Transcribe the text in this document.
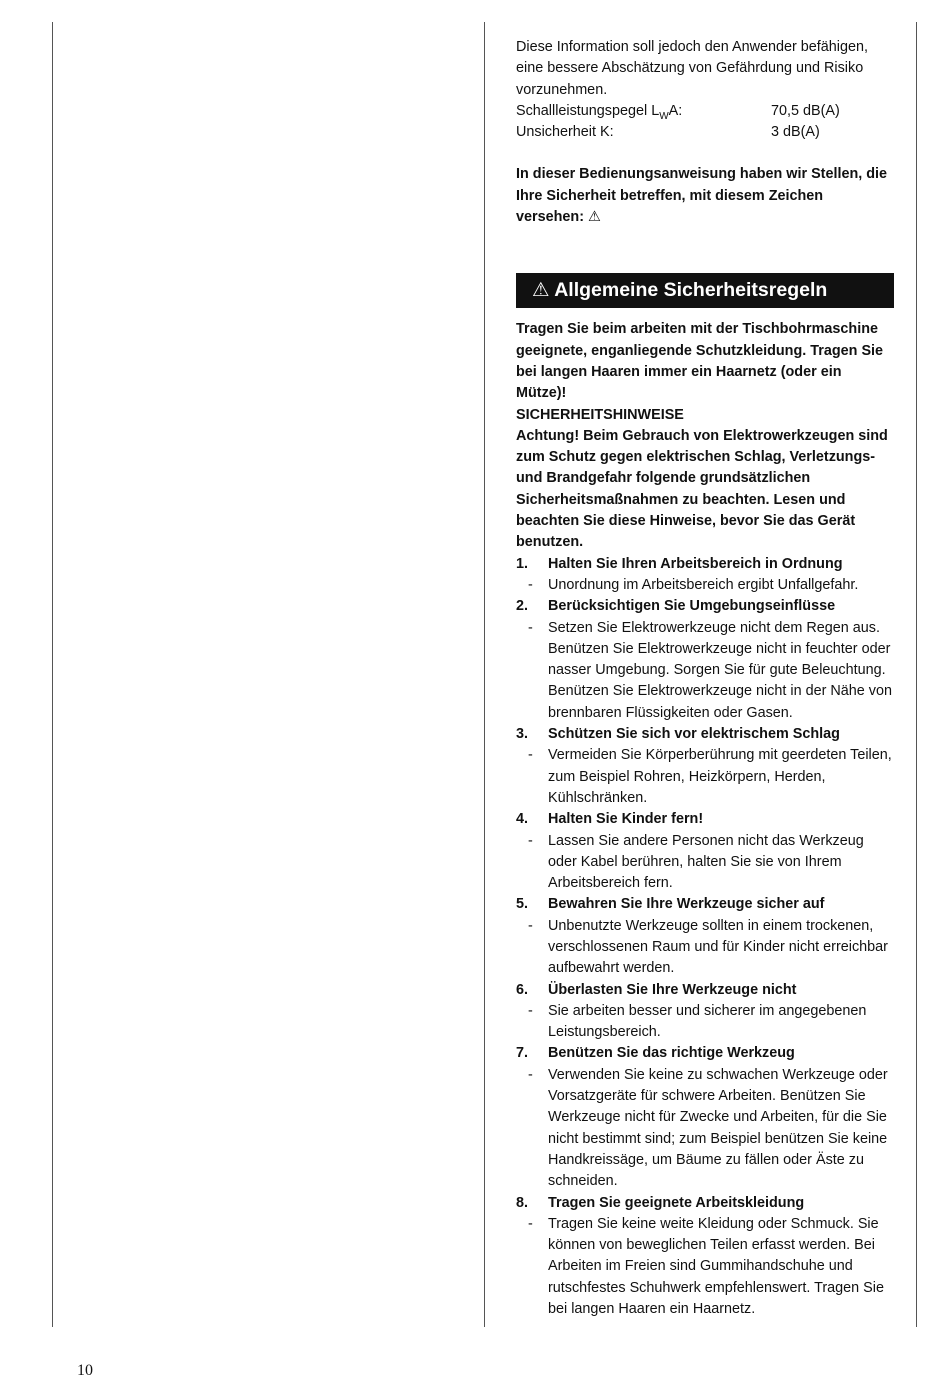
Diese Information soll jedoch den Anwender befähigen, eine bessere Abschätzung von Gefährdung und Risiko vorzunehmen.

Schallleistungspegel $L_WA$:	70,5 dB(A)
Unsicherheit K:	3 dB(A)

In dieser Bedienungsanweisung haben wir Stellen, die Ihre Sicherheit betreffen, mit diesem Zeichen versehen: ⚠

⚠ Allgemeine Sicherheitsregeln

Tragen Sie beim arbeiten mit der Tischbohrmaschine geeignete, enganliegende Schutzkleidung. Tragen Sie bei langen Haaren immer ein Haarnetz (oder ein Mütze)!

SICHERHEITSHINWEISE

Achtung! Beim Gebrauch von Elektrowerkzeugen sind zum Schutz gegen elektrischen Schlag, Verletzungs- und Brandgefahr folgende grundsätzlichen Sicherheitsmaßnahmen zu beachten. Lesen und beachten Sie diese Hinweise, bevor Sie das Gerät benutzen.

1.	Halten Sie Ihren Arbeitsbereich in Ordnung
-	Unordnung im Arbeitsbereich ergibt Unfallgefahr.
2.	Berücksichtigen Sie Umgebungseinflüsse
-	Setzen Sie Elektrowerkzeuge nicht dem Regen aus. Benützen Sie Elektrowerkzeuge nicht in feuchter oder nasser Umgebung. Sorgen Sie für gute Beleuchtung. Benützen Sie Elektrowerkzeuge nicht in der Nähe von brennbaren Flüssigkeiten oder Gasen.
3.	Schützen Sie sich vor elektrischem Schlag
-	Vermeiden Sie Körperberührung mit geerdeten Teilen, zum Beispiel Rohren, Heizkörpern, Herden, Kühlschränken.
4.	Halten Sie Kinder fern!
-	Lassen Sie andere Personen nicht das Werkzeug oder Kabel berühren, halten Sie sie von Ihrem Arbeitsbereich fern.
5.	Bewahren Sie Ihre Werkzeuge sicher auf
-	Unbenutzte Werkzeuge sollten in einem trockenen, verschlossenen Raum und für Kinder nicht erreichbar aufbewahrt werden.
6.	Überlasten Sie Ihre Werkzeuge nicht
-	Sie arbeiten besser und sicherer im angegebenen Leistungsbereich.
7.	Benützen Sie das richtige Werkzeug
-	Verwenden Sie keine zu schwachen Werkzeuge oder Vorsatzgeräte für schwere Arbeiten. Benützen Sie Werkzeuge nicht für Zwecke und Arbeiten, für die Sie nicht bestimmt sind; zum Beispiel benützen Sie keine Handkreissäge, um Bäume zu fällen oder Äste zu schneiden.
8.	Tragen Sie geeignete Arbeitskleidung
-	Tragen Sie keine weite Kleidung oder Schmuck. Sie können von beweglichen Teilen erfasst werden. Bei Arbeiten im Freien sind Gummihandschuhe und rutschfestes Schuhwerk empfehlenswert. Tragen Sie bei langen Haaren ein Haarnetz.
10
